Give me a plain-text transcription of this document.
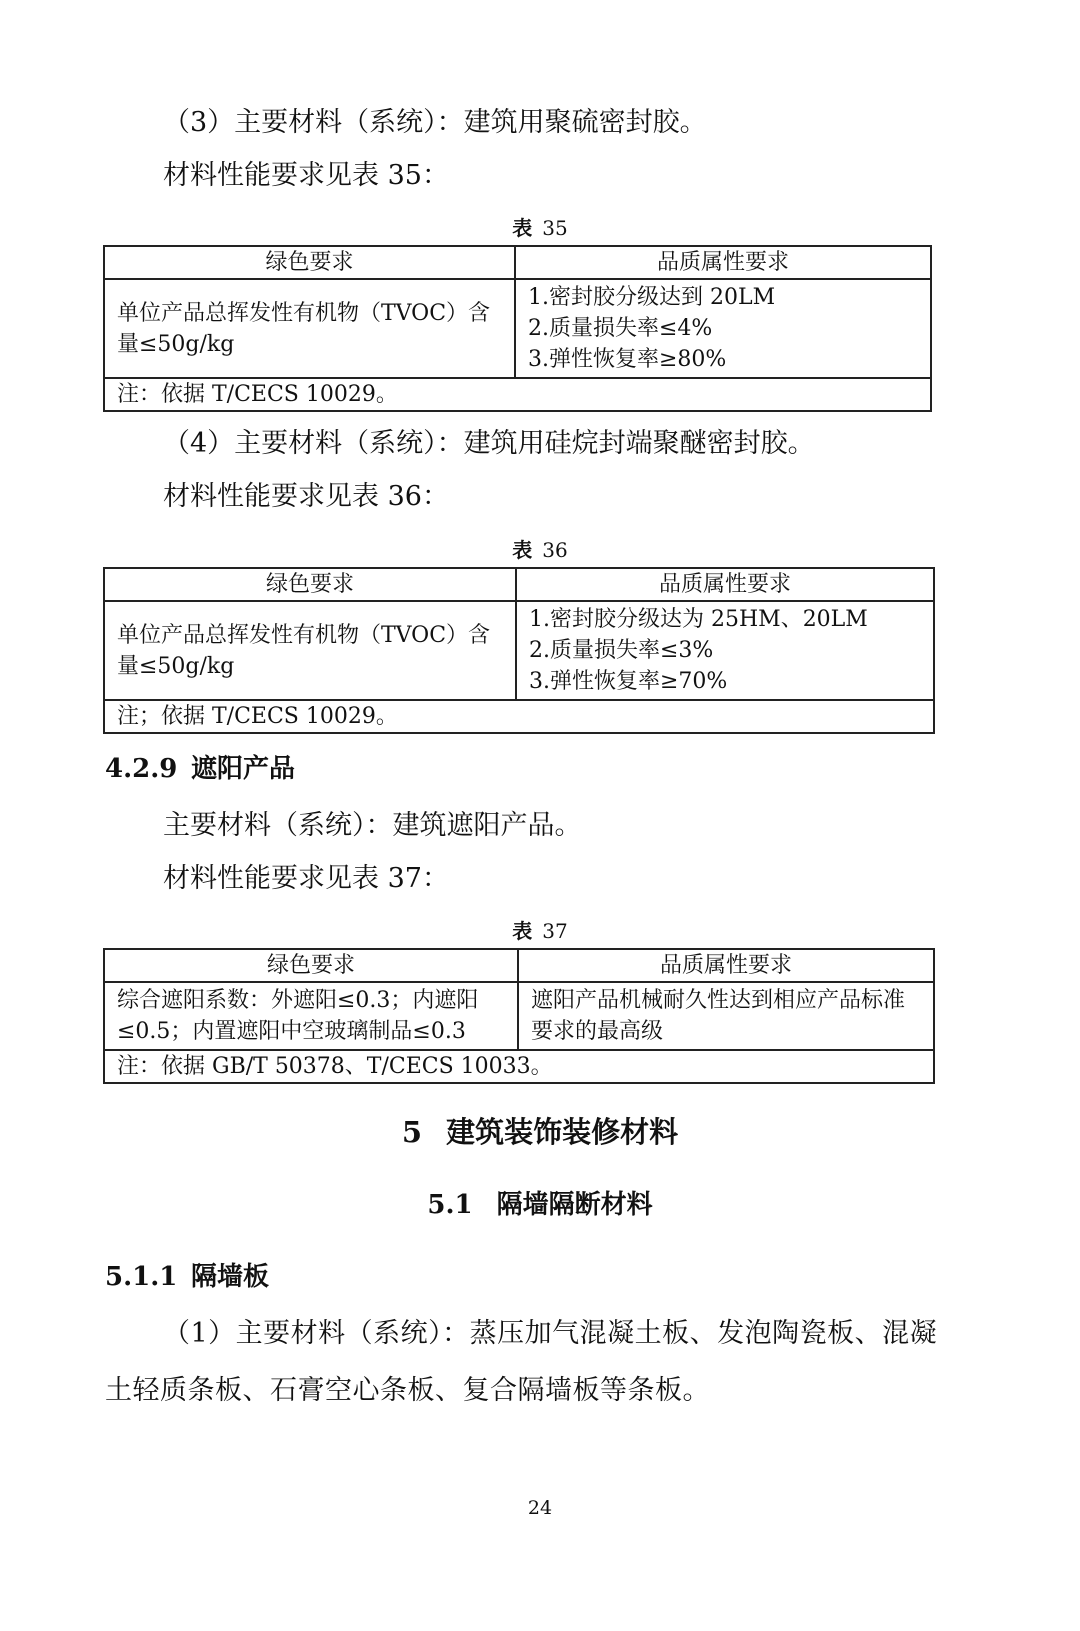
（3）主要材料（系统）：建筑用聚硫密封胶。
材料性能要求见表 35：
表 35
绿色要求	品质属性要求
单位产品总挥发性有机物（TVOC）含量≤50g/kg	1.密封胶分级达到 20LM
2.质量损失率≤4%
3.弹性恢复率≥80%

注：依据 T/CECS 10029。	
（4）主要材料（系统）：建筑用硅烷封端聚醚密封胶。
材料性能要求见表 36：
表 36
绿色要求	品质属性要求
单位产品总挥发性有机物（TVOC）含量≤50g/kg	1.密封胶分级达为 25HM、20LM
2.质量损失率≤3%
3.弹性恢复率≥70%

注；依据 T/CECS 10029。	
4.2.9 遮阳产品
主要材料（系统）：建筑遮阳产品。
材料性能要求见表 37：
表 37
绿色要求	品质属性要求
综合遮阳系数：外遮阳≤0.3；内遮阳≤0.5；内置遮阳中空玻璃制品≤0.3	遮阳产品机械耐久性达到相应产品标准要求的最高级
注：依据 GB/T 50378、T/CECS 10033。	
5 建筑装饰装修材料
5.1 隔墙隔断材料
5.1.1 隔墙板
（1）主要材料（系统）：蒸压加气混凝土板、发泡陶瓷板、混凝土轻质条板、石膏空心条板、复合隔墙板等条板。
24
